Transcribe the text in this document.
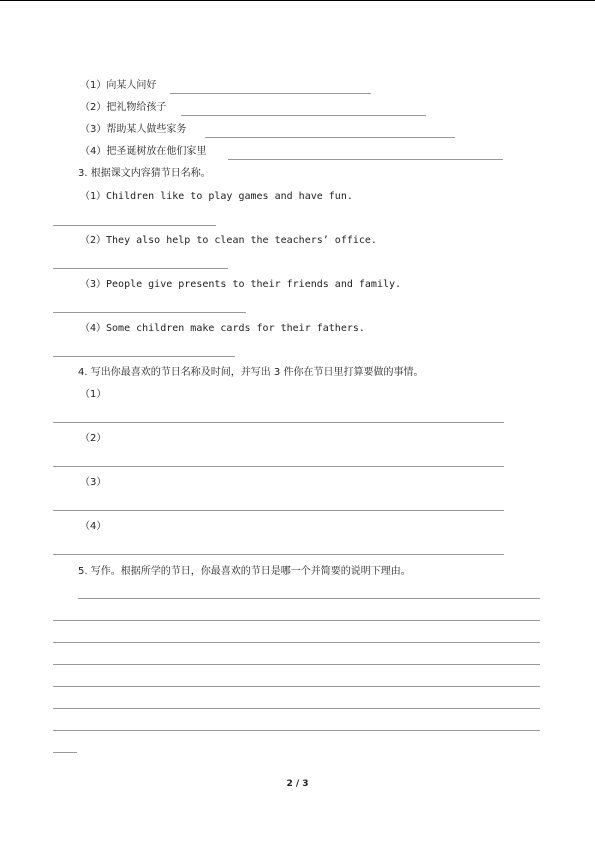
（1）向某人问好
（2）把礼物给孩子
（3）帮助某人做些家务
（4）把圣诞树放在他们家里
3. 根据课文内容猜节日名称。
（1）Children like to play games and have fun.
（2）They also help to clean the teachers’ office.
（3）People give presents to their friends and family.
（4）Some children make cards for their fathers.
4. 写出你最喜欢的节日名称及时间，并写出 3 件你在节日里打算要做的事情。
（1）
（2）
（3）
（4）
5. 写作。根据所学的节日，你最喜欢的节日是哪一个并简要的说明下理由。
2 / 3
